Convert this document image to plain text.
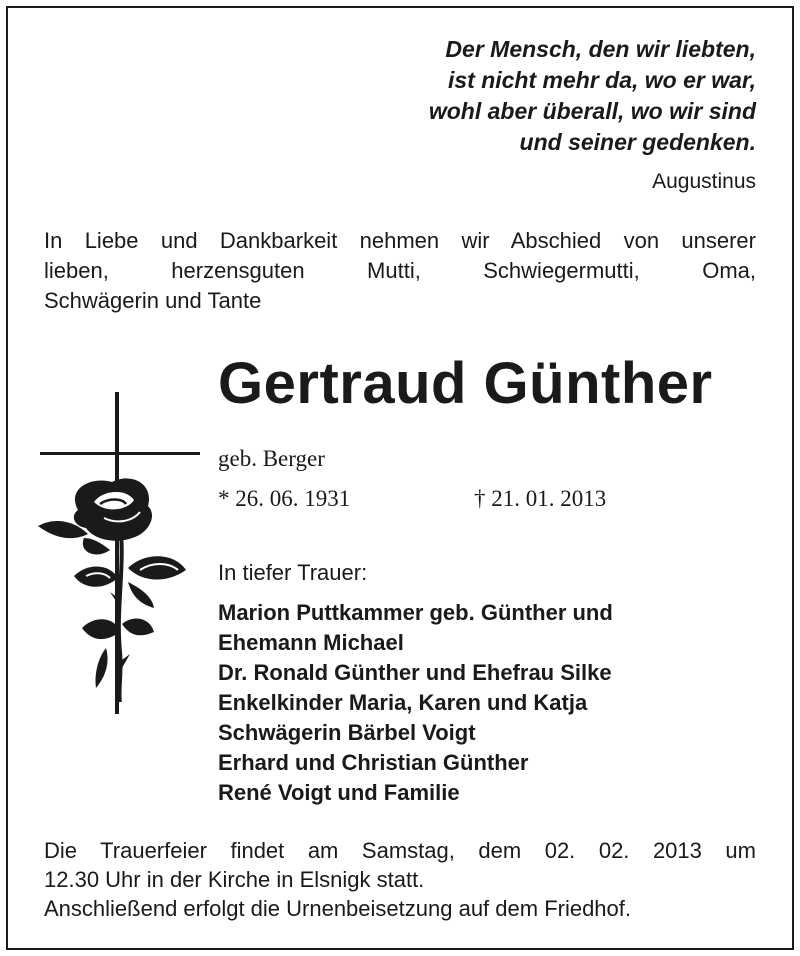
Der Mensch, den wir liebten,
ist nicht mehr da, wo er war,
wohl aber überall, wo wir sind
und seiner gedenken.
Augustinus
In Liebe und Dankbarkeit nehmen wir Abschied von unserer
lieben, herzensguten Mutti, Schwiegermutti, Oma,
Schwägerin und Tante
Gertraud Günther
geb. Berger
* 26. 06. 1931	† 21. 01. 2013
In tiefer Trauer:
Marion Puttkammer geb. Günther und
Ehemann Michael
Dr. Ronald Günther und Ehefrau Silke
Enkelkinder Maria, Karen und Katja
Schwägerin Bärbel Voigt
Erhard und Christian Günther
René Voigt und Familie
Die Trauerfeier findet am Samstag, dem 02. 02. 2013 um
12.30 Uhr in der Kirche in Elsnigk statt.
Anschließend erfolgt die Urnenbeisetzung auf dem Friedhof.
